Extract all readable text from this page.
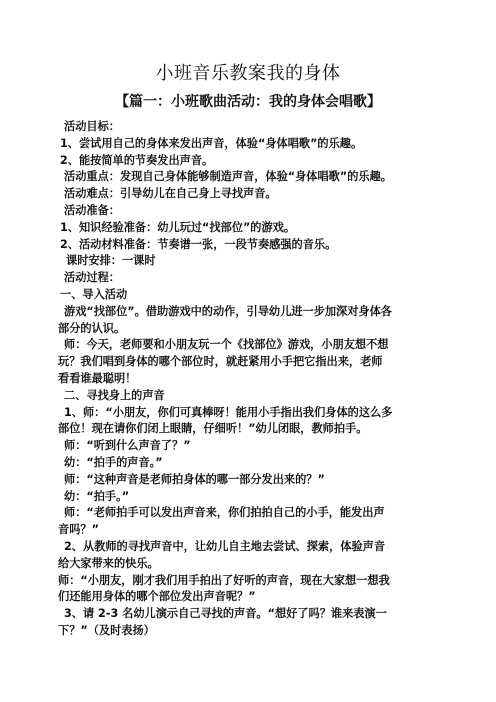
小班音乐教案我的身体
【篇一：小班歌曲活动：我的身体会唱歌】

活动目标：

1、尝试用自己的身体来发出声音，体验“身体唱歌”的乐趣。

2、能按简单的节奏发出声音。

活动重点：发现自己身体能够制造声音，体验“身体唱歌”的乐趣。

活动难点：引导幼儿在自己身上寻找声音。

活动准备：

1、知识经验准备：幼儿玩过“找部位”的游戏。

2、活动材料准备：节奏谱一张，一段节奏感强的音乐。

课时安排：一课时

活动过程：

一、导入活动

游戏“找部位”。借助游戏中的动作，引导幼儿进一步加深对身体各

部分的认识。

师：今天，老师要和小朋友玩一个《找部位》游戏，小朋友想不想

玩？我们唱到身体的哪个部位时，就赶紧用小手把它指出来，老师

看看谁最聪明！

二、寻找身上的声音

1、师：“小朋友，你们可真棒呀！能用小手指出我们身体的这么多

部位！现在请你们闭上眼睛，仔细听！”幼儿闭眼，教师拍手。

师：“听到什么声音了？”

幼：“拍手的声音。”

师：“这种声音是老师拍身体的哪一部分发出来的？”

幼：“拍手。”

师：“老师拍手可以发出声音来，你们拍拍自己的小手，能发出声

音吗？”

2、从教师的寻找声音中，让幼儿自主地去尝试、探索，体验声音

给大家带来的快乐。

师：“小朋友，刚才我们用手拍出了好听的声音，现在大家想一想我

们还能用身体的哪个部位发出声音呢？”

3、请 2-3 名幼儿演示自己寻找的声音。“想好了吗？谁来表演一

下？”（及时表扬）
